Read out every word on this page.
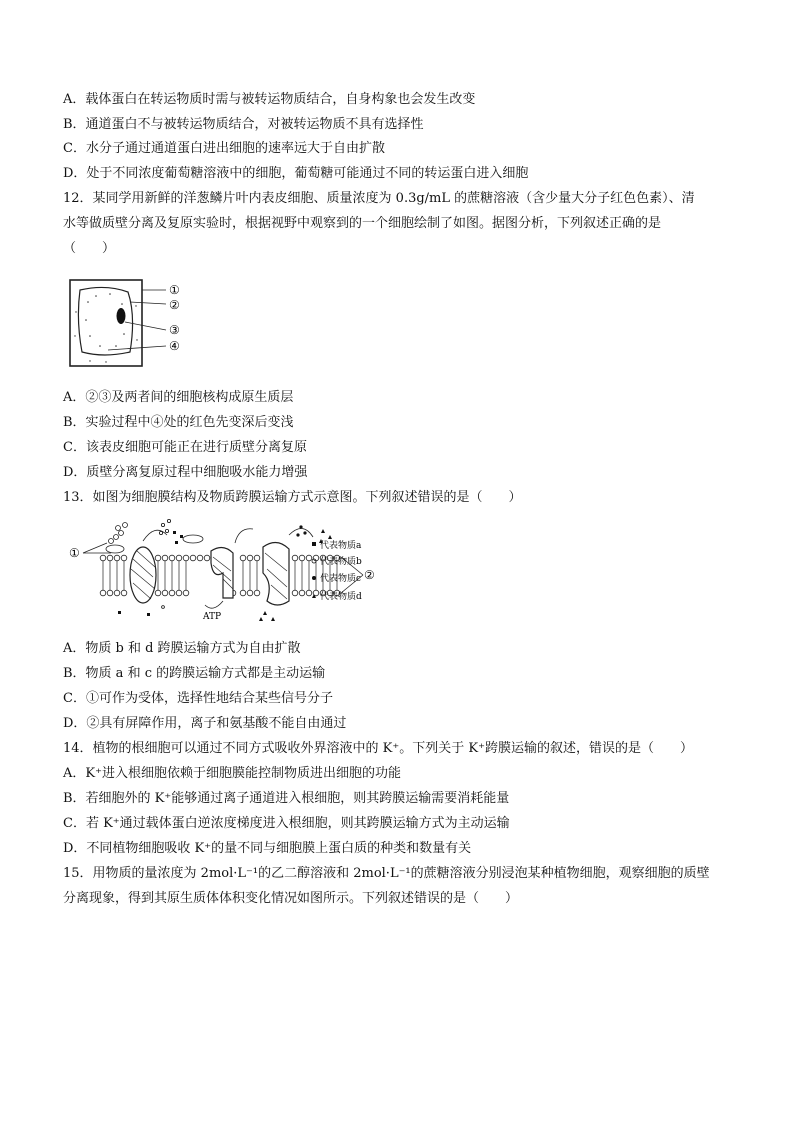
A．载体蛋白在转运物质时需与被转运物质结合，自身构象也会发生改变
B．通道蛋白不与被转运物质结合，对被转运物质不具有选择性
C．水分子通过通道蛋白进出细胞的速率远大于自由扩散
D．处于不同浓度葡萄糖溶液中的细胞，葡萄糖可能通过不同的转运蛋白进入细胞
12．某同学用新鲜的洋葱鳞片叶内表皮细胞、质量浓度为 0.3g/mL 的蔗糖溶液（含少量大分子红色色素）、清
水等做质壁分离及复原实验时，根据视野中观察到的一个细胞绘制了如图。据图分析，下列叙述正确的是
（　　）
①
②
③
④
A．②③及两者间的细胞核构成原生质层
B．实验过程中④处的红色先变深后变浅
C．该表皮细胞可能正在进行质壁分离复原
D．质壁分离复原过程中细胞吸水能力增强
13．如图为细胞膜结构及物质跨膜运输方式示意图。下列叙述错误的是（　　）
①
ATP
②
代表物质a
代表物质b
代表物质c
代表物质d
A．物质 b 和 d 跨膜运输方式为自由扩散
B．物质 a 和 c 的跨膜运输方式都是主动运输
C．①可作为受体，选择性地结合某些信号分子
D．②具有屏障作用，离子和氨基酸不能自由通过
14．植物的根细胞可以通过不同方式吸收外界溶液中的 K⁺。下列关于 K⁺跨膜运输的叙述，错误的是（　　）
A．K⁺进入根细胞依赖于细胞膜能控制物质进出细胞的功能
B．若细胞外的 K⁺能够通过离子通道进入根细胞，则其跨膜运输需要消耗能量
C．若 K⁺通过载体蛋白逆浓度梯度进入根细胞，则其跨膜运输方式为主动运输
D．不同植物细胞吸收 K⁺的量不同与细胞膜上蛋白质的种类和数量有关
15．用物质的量浓度为 2mol·L⁻¹的乙二醇溶液和 2mol·L⁻¹的蔗糖溶液分别浸泡某种植物细胞，观察细胞的质壁
分离现象，得到其原生质体体积变化情况如图所示。下列叙述错误的是（　　）
